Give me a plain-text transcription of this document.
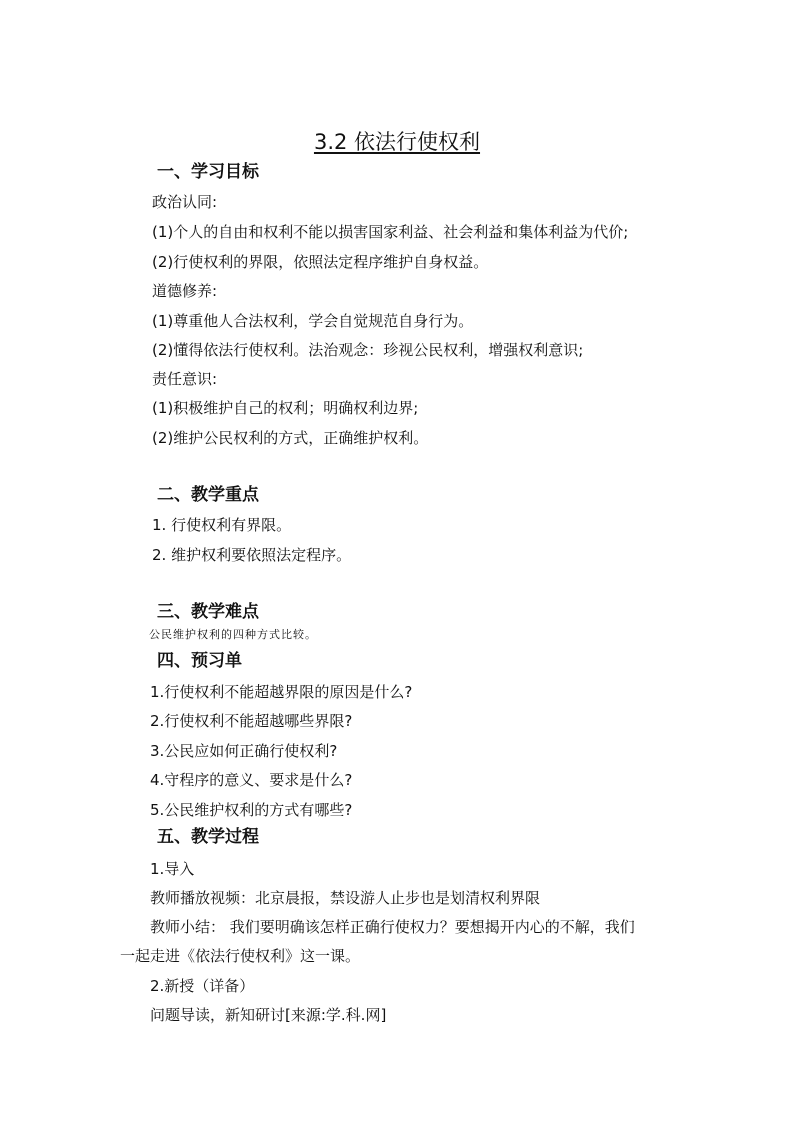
3.2 依法行使权利
一、学习目标
政治认同:
(1)个人的自由和权利不能以损害国家利益、社会利益和集体利益为代价;
(2)行使权利的界限，依照法定程序维护自身权益。
道德修养:
(1)尊重他人合法权利，学会自觉规范自身行为。
(2)懂得依法行使权利。法治观念：珍视公民权利，增强权利意识;
责任意识:
(1)积极维护自己的权利；明确权利边界;
(2)维护公民权利的方式，正确维护权利。
二、教学重点
1. 行使权利有界限。
2. 维护权利要依照法定程序。
三、教学难点
公民维护权利的四种方式比较。
四、预习单
1.行使权利不能超越界限的原因是什么?
2.行使权利不能超越哪些界限?
3.公民应如何正确行使权利?
4.守程序的意义、要求是什么?
5.公民维护权利的方式有哪些?
五、教学过程
1.导入
教师播放视频：北京晨报，禁设游人止步也是划清权利界限
教师小结： 我们要明确该怎样正确行使权力？要想揭开内心的不解，我们
一起走进《依法行使权利》这一课。
2.新授（详备）
问题导读，新知研讨[来源:学.科.网]
